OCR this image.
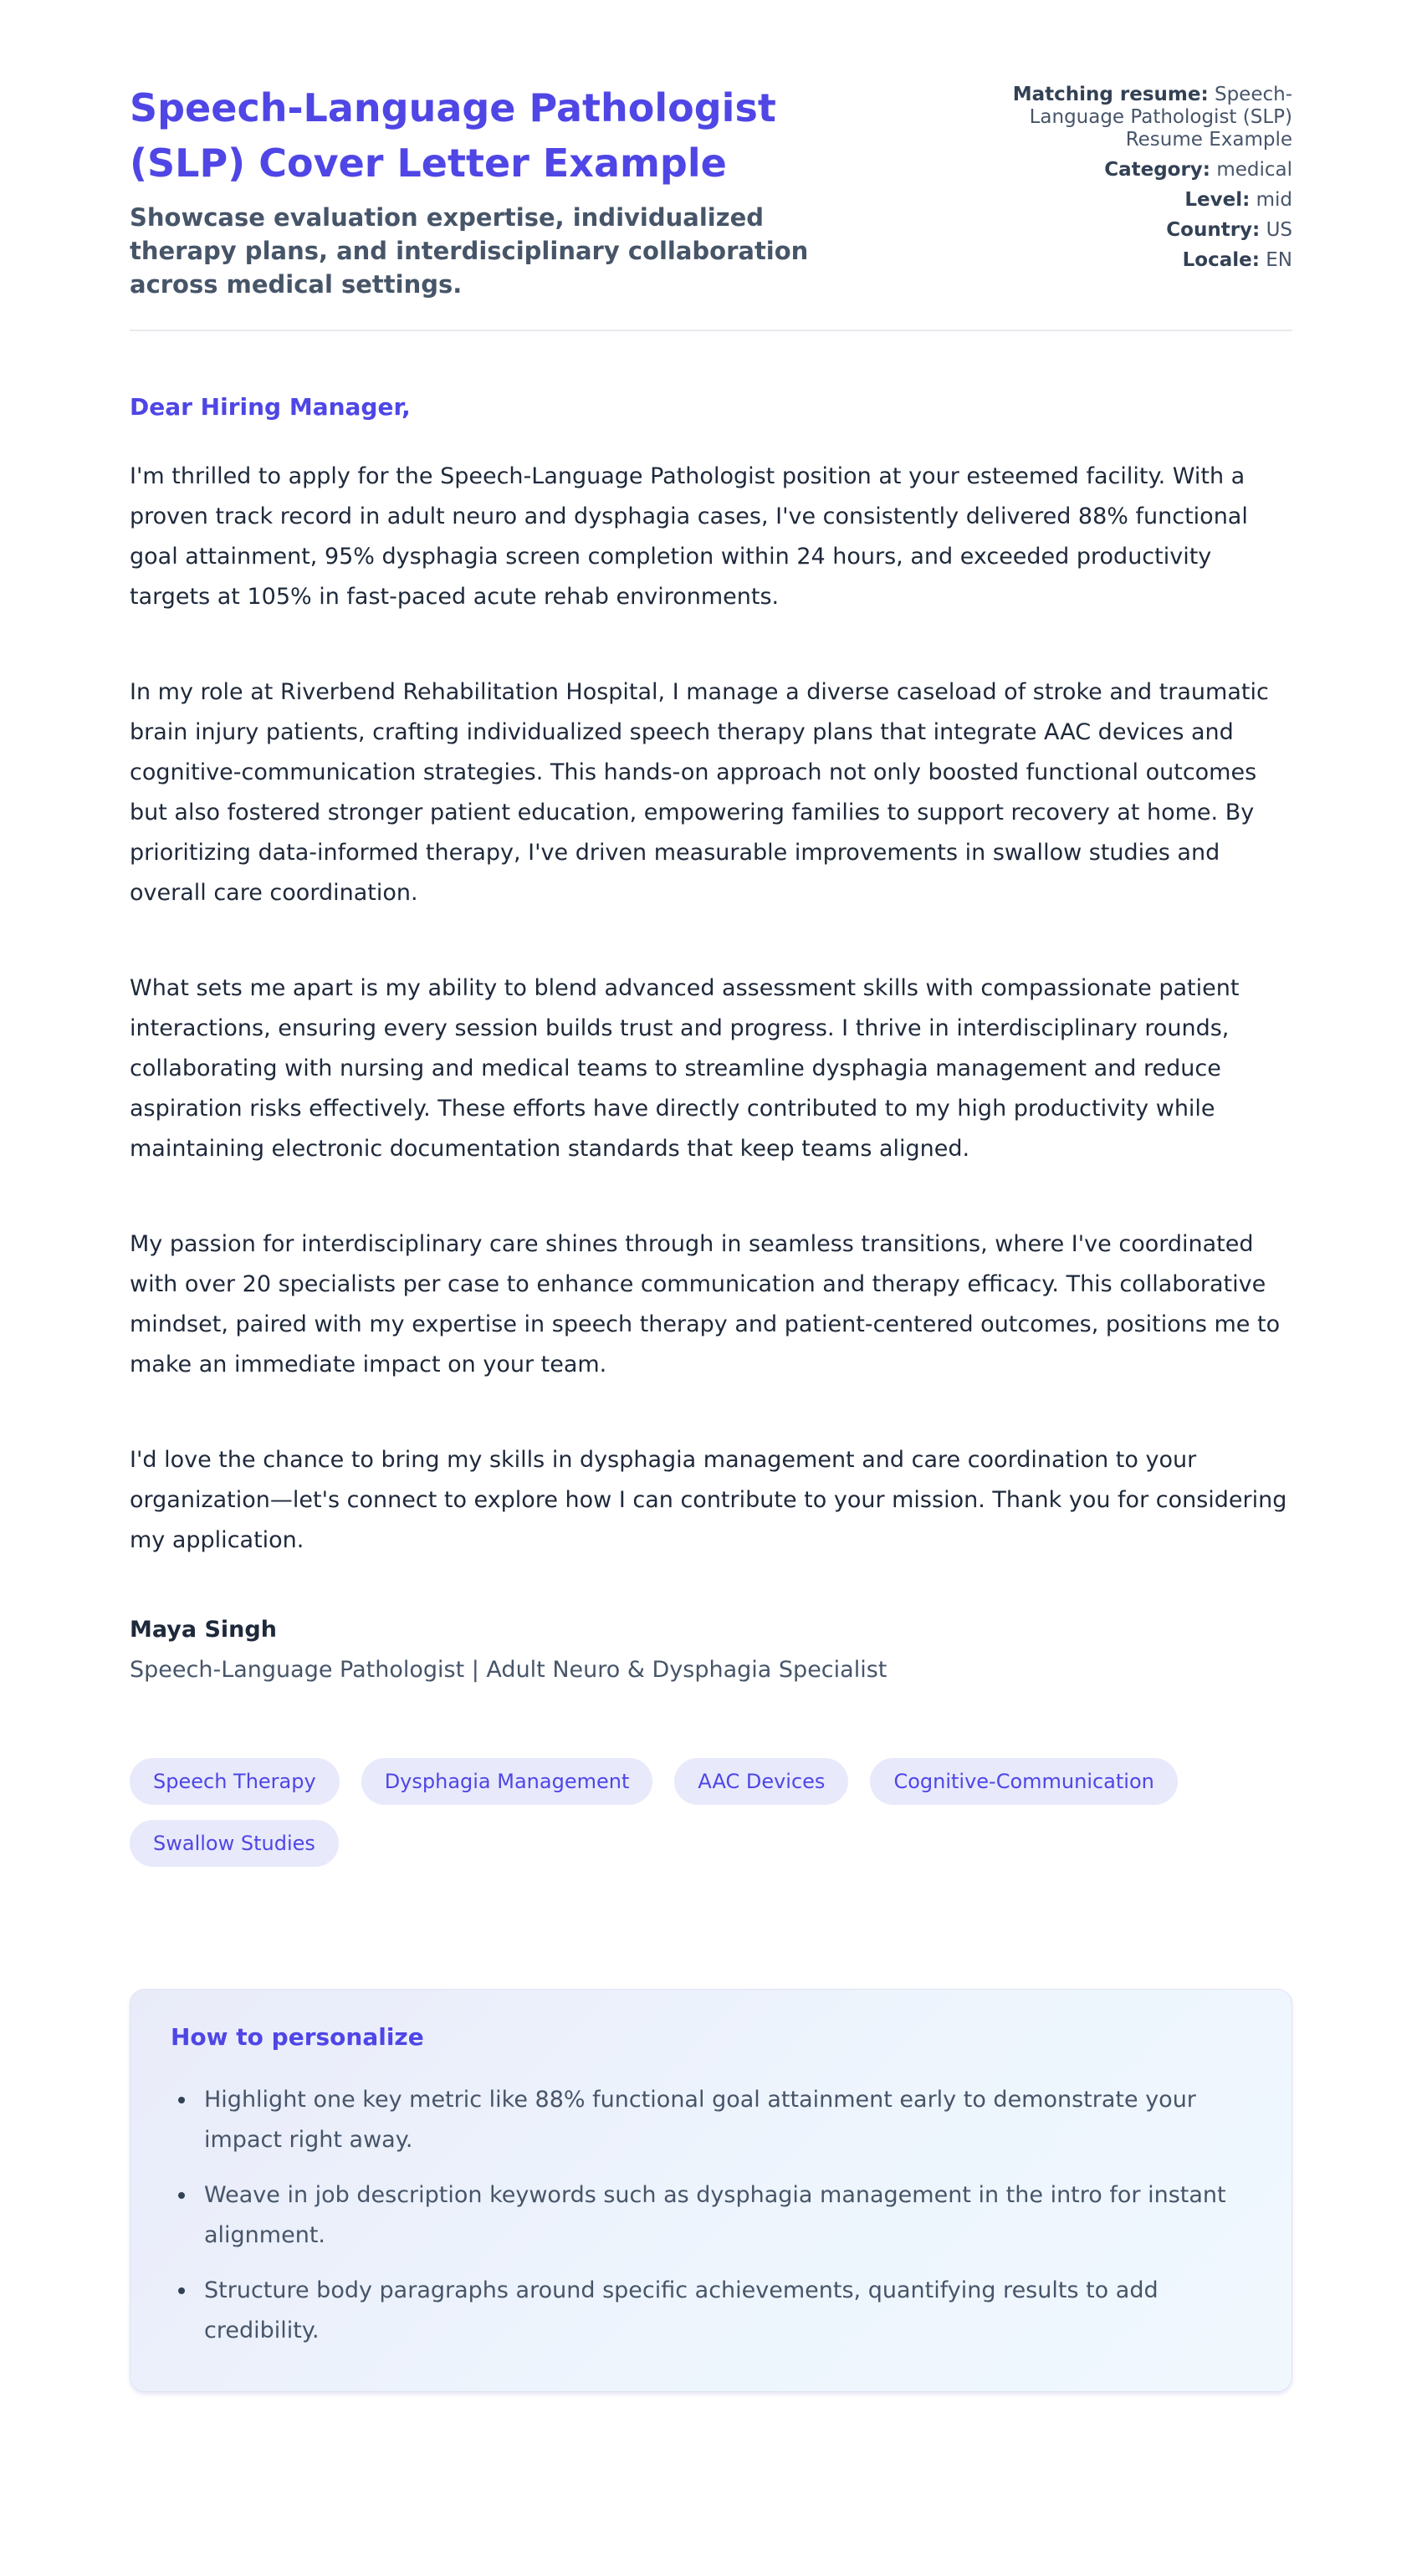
Speech-Language Pathologist (SLP) Cover Letter Example
Showcase evaluation expertise, individualized therapy plans, and interdisciplinary collaboration across medical settings.
Matching resume: Speech-Language Pathologist (SLP) Resume Example
Category: medical
Level: mid
Country: US
Locale: EN
Dear Hiring Manager,

I'm thrilled to apply for the Speech-Language Pathologist position at your esteemed facility. With a proven track record in adult neuro and dysphagia cases, I've consistently delivered 88% functional goal attainment, 95% dysphagia screen completion within 24 hours, and exceeded productivity targets at 105% in fast-paced acute rehab environments.

In my role at Riverbend Rehabilitation Hospital, I manage a diverse caseload of stroke and traumatic brain injury patients, crafting individualized speech therapy plans that integrate AAC devices and cognitive-communication strategies. This hands-on approach not only boosted functional outcomes but also fostered stronger patient education, empowering families to support recovery at home. By prioritizing data-informed therapy, I've driven measurable improvements in swallow studies and overall care coordination.

What sets me apart is my ability to blend advanced assessment skills with compassionate patient interactions, ensuring every session builds trust and progress. I thrive in interdisciplinary rounds, collaborating with nursing and medical teams to streamline dysphagia management and reduce aspiration risks effectively. These efforts have directly contributed to my high productivity while maintaining electronic documentation standards that keep teams aligned.

My passion for interdisciplinary care shines through in seamless transitions, where I've coordinated with over 20 specialists per case to enhance communication and therapy efficacy. This collaborative mindset, paired with my expertise in speech therapy and patient-centered outcomes, positions me to make an immediate impact on your team.

I'd love the chance to bring my skills in dysphagia management and care coordination to your organization—let's connect to explore how I can contribute to your mission. Thank you for considering my application.

Maya Singh
Speech-Language Pathologist | Adult Neuro & Dysphagia Specialist
Speech Therapy	Dysphagia Management	AAC Devices	Cognitive-Communication
Swallow Studies
How to personalize
• Highlight one key metric like 88% functional goal attainment early to demonstrate your impact right away.
• Weave in job description keywords such as dysphagia management in the intro for instant alignment.
• Structure body paragraphs around specific achievements, quantifying results to add credibility.
